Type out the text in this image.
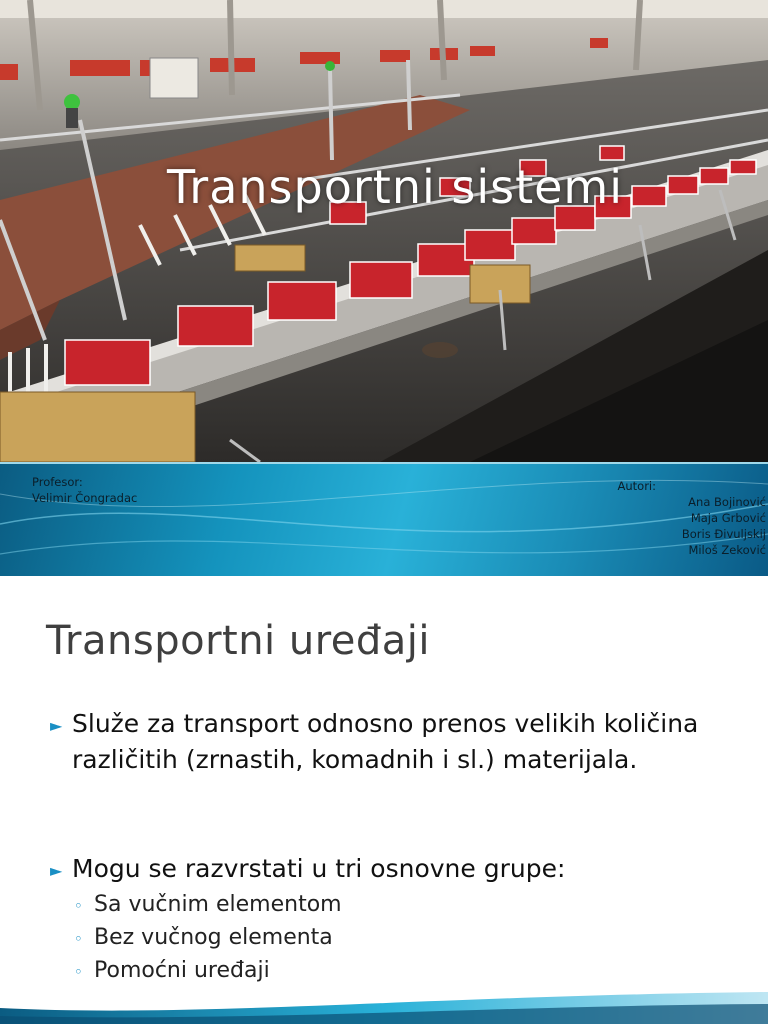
Transportni sistemi
Profesor:
Velimir Čongradac
Autori:
Ana Bojinović
Maja Grbović
Boris Đivuljskij
Miloš Zeković
Transportni uređaji
► Služe za transport odnosno prenos velikih količina različitih (zrnastih, komadnih i sl.) materijala.
► Mogu se razvrstati u tri osnovne grupe:
◦ Sa vučnim elementom
◦ Bez vučnog elementa
◦ Pomoćni uređaji
